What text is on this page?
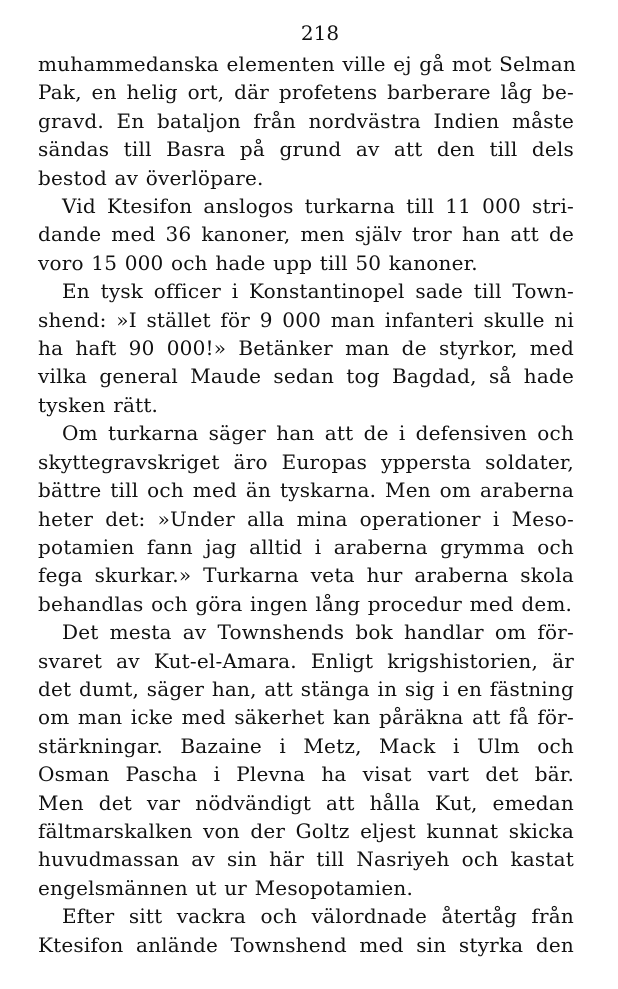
218
muhammedanska elementen ville ej gå mot Selman
Pak, en helig ort, där profetens barberare låg be-
gravd. En bataljon från nordvästra Indien måste
sändas till Basra på grund av att den till dels
bestod av överlöpare.
Vid Ktesifon anslogos turkarna till 11 000 stri-
dande med 36 kanoner, men själv tror han att de
voro 15 000 och hade upp till 50 kanoner.
En tysk officer i Konstantinopel sade till Town-
shend: »I stället för 9 000 man infanteri skulle ni
ha haft 90 000!» Betänker man de styrkor, med
vilka general Maude sedan tog Bagdad, så hade
tysken rätt.
Om turkarna säger han att de i defensiven och
skyttegravskriget äro Europas yppersta soldater,
bättre till och med än tyskarna. Men om araberna
heter det: »Under alla mina operationer i Meso-
potamien fann jag alltid i araberna grymma och
fega skurkar.» Turkarna veta hur araberna skola
behandlas och göra ingen lång procedur med dem.
Det mesta av Townshends bok handlar om för-
svaret av Kut-el-Amara. Enligt krigshistorien, är
det dumt, säger han, att stänga in sig i en fästning
om man icke med säkerhet kan påräkna att få för-
stärkningar. Bazaine i Metz, Mack i Ulm och
Osman Pascha i Plevna ha visat vart det bär.
Men det var nödvändigt att hålla Kut, emedan
fältmarskalken von der Goltz eljest kunnat skicka
huvudmassan av sin här till Nasriyeh och kastat
engelsmännen ut ur Mesopotamien.
Efter sitt vackra och välordnade återtåg från
Ktesifon anlände Townshend med sin styrka den
